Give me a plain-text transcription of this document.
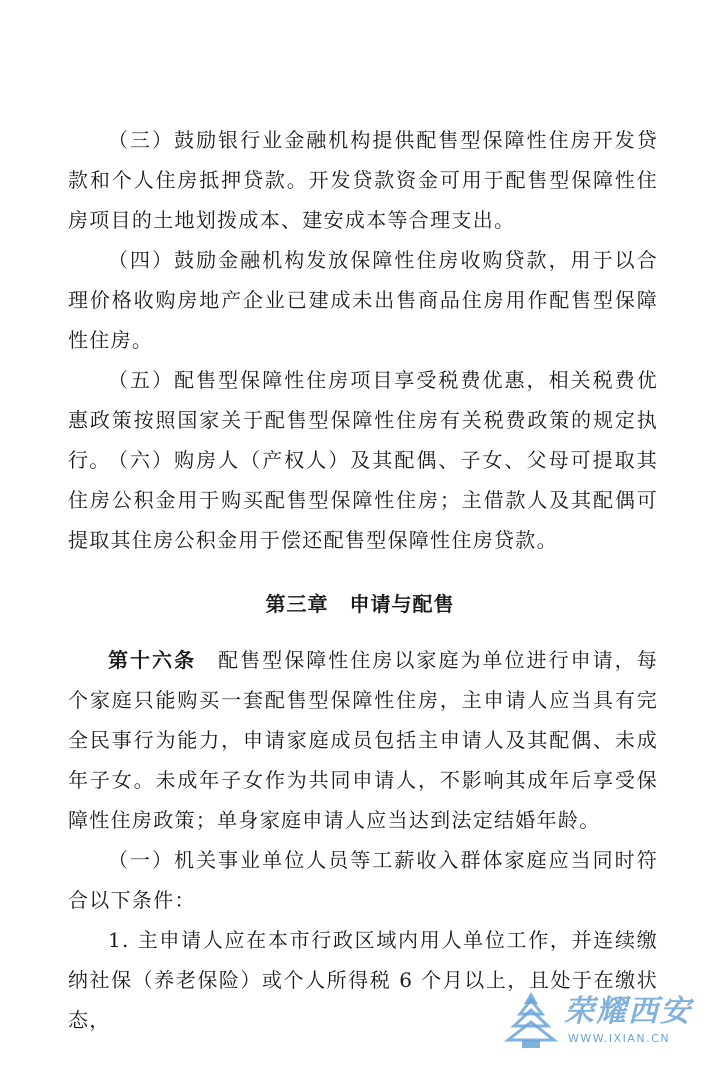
（三）鼓励银行业金融机构提供配售型保障性住房开发贷款和个人住房抵押贷款。开发贷款资金可用于配售型保障性住房项目的土地划拨成本、建安成本等合理支出。

（四）鼓励金融机构发放保障性住房收购贷款，用于以合理价格收购房地产企业已建成未出售商品住房用作配售型保障性住房。

（五）配售型保障性住房项目享受税费优惠，相关税费优惠政策按照国家关于配售型保障性住房有关税费政策的规定执行。

（六）购房人（产权人）及其配偶、子女、父母可提取其住房公积金用于购买配售型保障性住房；主借款人及其配偶可提取其住房公积金用于偿还配售型保障性住房贷款。

第三章　申请与配售

第十六条　配售型保障性住房以家庭为单位进行申请，每个家庭只能购买一套配售型保障性住房，主申请人应当具有完全民事行为能力，申请家庭成员包括主申请人及其配偶、未成年子女。未成年子女作为共同申请人，不影响其成年后享受保障性住房政策；单身家庭申请人应当达到法定结婚年龄。

（一）机关事业单位人员等工薪收入群体家庭应当同时符合以下条件：

1. 主申请人应在本市行政区域内用人单位工作，并连续缴纳社保（养老保险）或个人所得税 6 个月以上，且处于在缴状态，	荣耀西安
WWW.IXIAN.CN
